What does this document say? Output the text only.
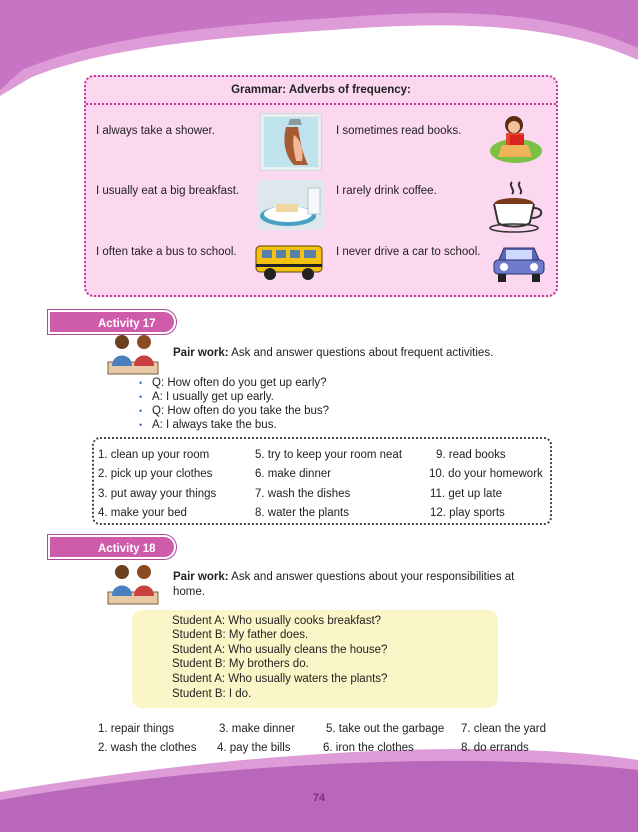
Grammar: Adverbs of frequency:
I always take a shower.	I sometimes read books.
I usually eat a big breakfast.	I rarely drink coffee.
I often take a bus to school.	I never drive a car to school.
Activity 17
Pair work: Ask and answer questions about frequent activities.
• Q: How often do you get up early?
• A: I usually get up early.
• Q: How often do you take the bus?
• A: I always take the bus.
1. clean up your room	5. try to keep your room neat	9. read books
2. pick up your clothes	6. make dinner	10. do your homework
3. put away your things	7. wash the dishes	11. get up late
4. make your bed	8. water the plants	12. play sports
Activity 18
Pair work: Ask and answer questions about your responsibilities at
home.
Student A: Who usually cooks breakfast?
Student B: My father does.
Student A: Who usually cleans the house?
Student B: My brothers do.
Student A: Who usually waters the plants?
Student B: I do.
1. repair things	3. make dinner	5. take out the garbage 7. clean the yard
2. wash the clothes 4. pay the bills	6. iron the clothes	8. do errands
74
